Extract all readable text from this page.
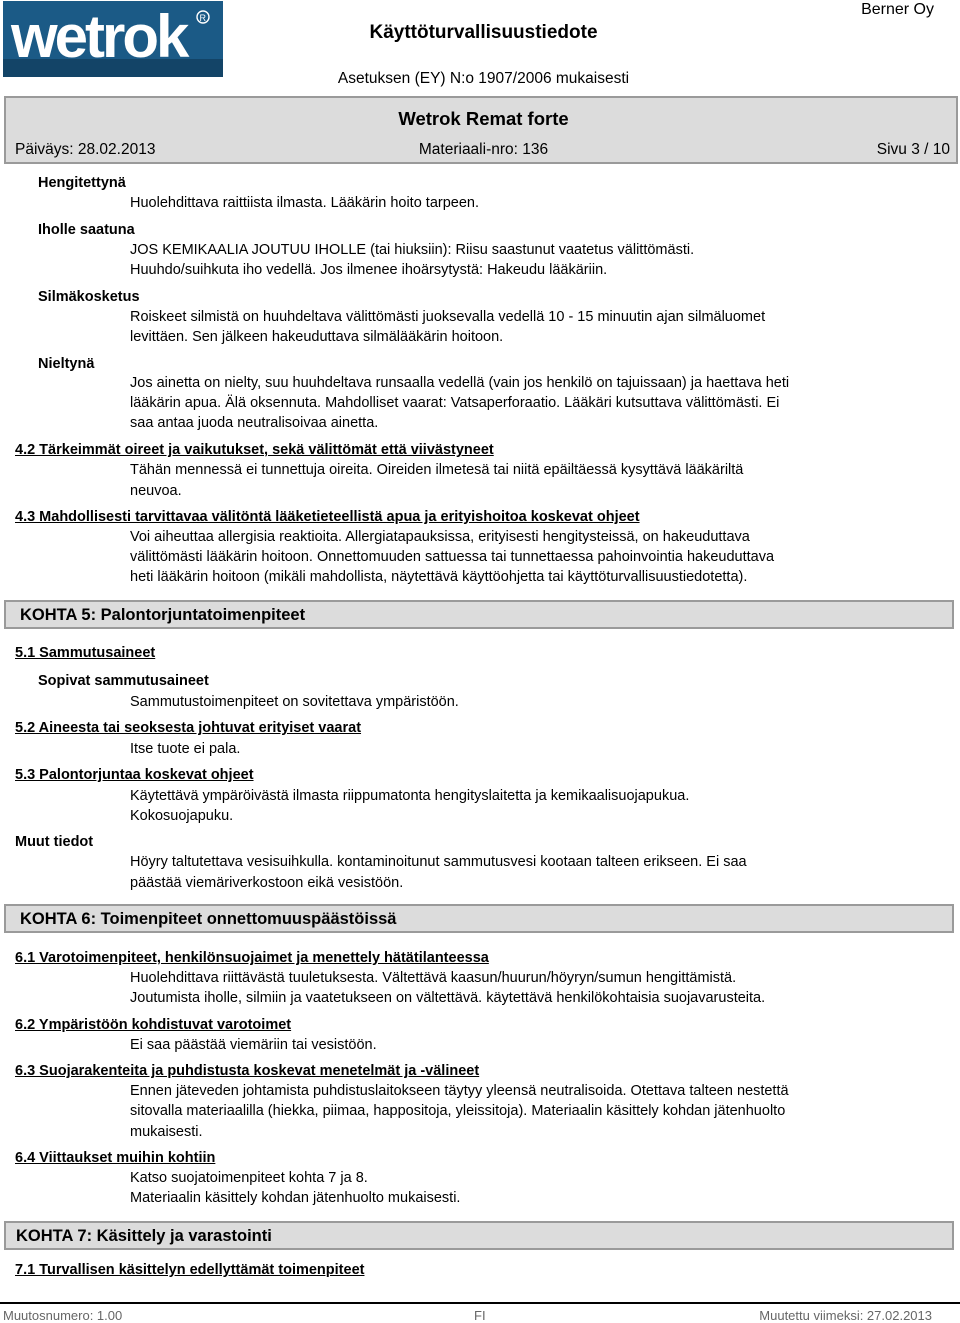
wetrok	R
Käyttöturvallisuustiedote
Berner Oy
Asetuksen (EY) N:o 1907/2006 mukaisesti
Wetrok Remat forte
Päiväys: 28.02.2013	Materiaali-nro: 136	Sivu 3 / 10
Hengitettynä
Huolehdittava raittiista ilmasta. Lääkärin hoito tarpeen.
Iholle saatuna
JOS KEMIKAALIA JOUTUU IHOLLE (tai hiuksiin): Riisu saastunut vaatetus välittömästi.
Huuhdo/suihkuta iho vedellä. Jos ilmenee ihoärsytystä: Hakeudu lääkäriin.
Silmäkosketus
Roiskeet silmistä on huuhdeltava välittömästi juoksevalla vedellä 10 - 15 minuutin ajan silmäluomet
levittäen. Sen jälkeen hakeuduttava silmälääkärin hoitoon.
Nieltynä
Jos ainetta on nielty, suu huuhdeltava runsaalla vedellä (vain jos henkilö on tajuissaan) ja haettava heti
lääkärin apua. Älä oksennuta. Mahdolliset vaarat: Vatsaperforaatio. Lääkäri kutsuttava välittömästi. Ei
saa antaa juoda neutralisoivaa ainetta.
4.2 Tärkeimmät oireet ja vaikutukset, sekä välittömät että viivästyneet
Tähän mennessä ei tunnettuja oireita. Oireiden ilmetesä tai niitä epäiltäessä kysyttävä lääkäriltä
neuvoa.
4.3 Mahdollisesti tarvittavaa välitöntä lääketieteellistä apua ja erityishoitoa koskevat ohjeet
Voi aiheuttaa allergisia reaktioita. Allergiatapauksissa, erityisesti hengitysteissä, on hakeuduttava
välittömästi lääkärin hoitoon. Onnettomuuden sattuessa tai tunnettaessa pahoinvointia hakeuduttava
heti lääkärin hoitoon (mikäli mahdollista, näytettävä käyttöohjetta tai käyttöturvallisuustiedotetta).
KOHTA 5: Palontorjuntatoimenpiteet
5.1 Sammutusaineet
Sopivat sammutusaineet
Sammutustoimenpiteet on sovitettava ympäristöön.
5.2 Aineesta tai seoksesta johtuvat erityiset vaarat
Itse tuote ei pala.
5.3 Palontorjuntaa koskevat ohjeet
Käytettävä ympäröivästä ilmasta riippumatonta hengityslaitetta ja kemikaalisuojapukua.
Kokosuojapuku.
Muut tiedot
Höyry taltutettava vesisuihkulla. kontaminoitunut sammutusvesi kootaan talteen erikseen. Ei saa
päästää viemäriverkostoon eikä vesistöön.
KOHTA 6: Toimenpiteet onnettomuuspäästöissä
6.1 Varotoimenpiteet, henkilönsuojaimet ja menettely hätätilanteessa
Huolehdittava riittävästä tuuletuksesta. Vältettävä kaasun/huurun/höyryn/sumun hengittämistä.
Joutumista iholle, silmiin ja vaatetukseen on vältettävä. käytettävä henkilökohtaisia suojavarusteita.
6.2 Ympäristöön kohdistuvat varotoimet
Ei saa päästää viemäriin tai vesistöön.
6.3 Suojarakenteita ja puhdistusta koskevat menetelmät ja -välineet
Ennen jäteveden johtamista puhdistuslaitokseen täytyy yleensä neutralisoida. Otettava talteen nestettä
sitovalla materiaalilla (hiekka, piimaa, happositoja, yleissitoja). Materiaalin käsittely kohdan jätenhuolto
mukaisesti.
6.4 Viittaukset muihin kohtiin
Katso suojatoimenpiteet kohta 7 ja 8.
Materiaalin käsittely kohdan jätenhuolto mukaisesti.
KOHTA 7: Käsittely ja varastointi
7.1 Turvallisen käsittelyn edellyttämät toimenpiteet
Muutosnumero: 1.00	FI	Muutettu viimeksi: 27.02.2013
